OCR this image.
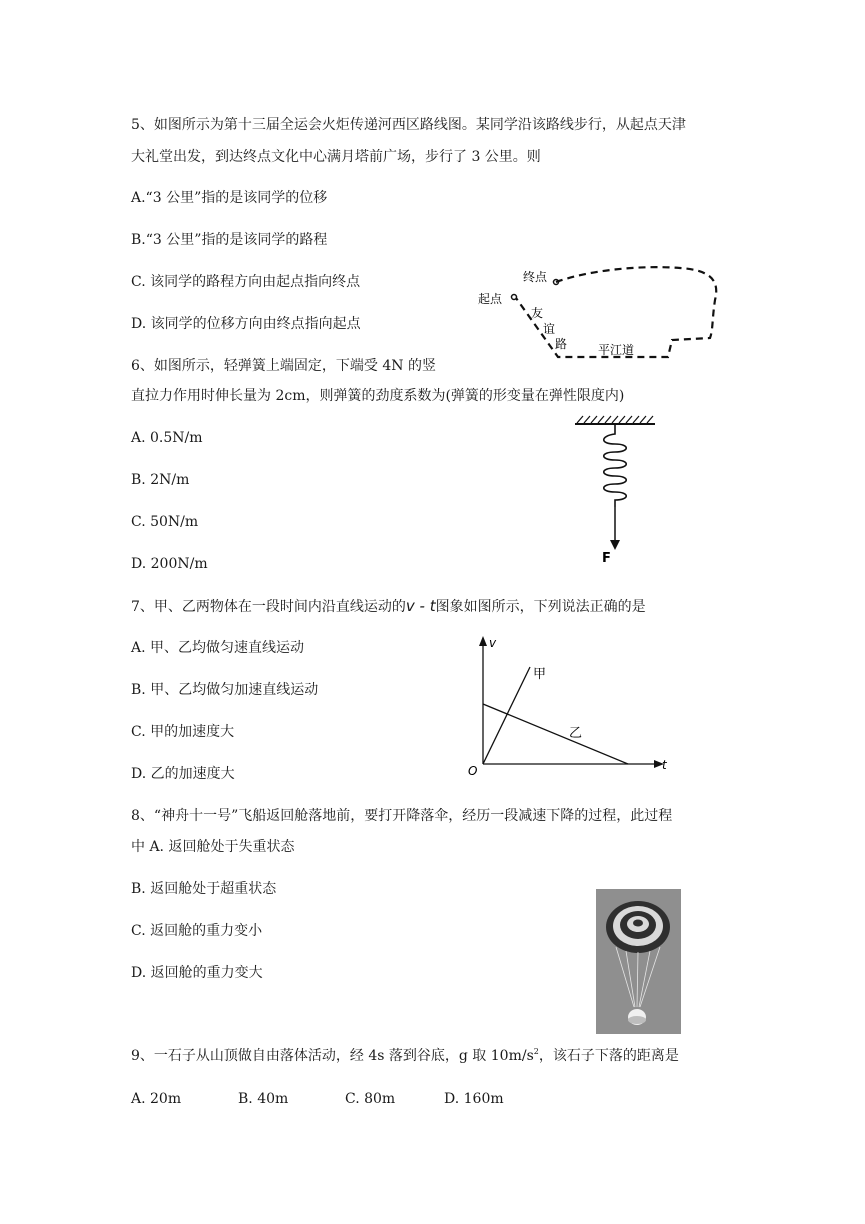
5、如图所示为第十三届全运会火炬传递河西区路线图。某同学沿该路线步行，从起点天津
大礼堂出发，到达终点文化中心满月塔前广场，步行了 3 公里。则
A.“3 公里”指的是该同学的位移
B.“3 公里”指的是该同学的路程
C. 该同学的路程方向由起点指向终点
D. 该同学的位移方向由终点指向起点
终点
起点
友
谊
路	平江道
6、如图所示，轻弹簧上端固定，下端受 4N 的竖
直拉力作用时伸长量为 2cm，则弹簧的劲度系数为(弹簧的形变量在弹性限度内)
A. 0.5N/m
B. 2N/m
C. 50N/m
D. 200N/m	F
7、甲、乙两物体在一段时间内沿直线运动的v - t图象如图所示，下列说法正确的是
A. 甲、乙均做匀速直线运动
B. 甲、乙均做匀加速直线运动
C. 甲的加速度大
D. 乙的加速度大
v
t
O
甲
乙
8、“神舟十一号”飞船返回舱落地前，要打开降落伞，经历一段减速下降的过程，此过程
中 A. 返回舱处于失重状态
B. 返回舱处于超重状态
C. 返回舱的重力变小
D. 返回舱的重力变大
9、一石子从山顶做自由落体活动，经 4s 落到谷底，g 取 $10m/s^2$，该石子下落的距离是
A. 20m	B. 40m	C. 80m	D. 160m
